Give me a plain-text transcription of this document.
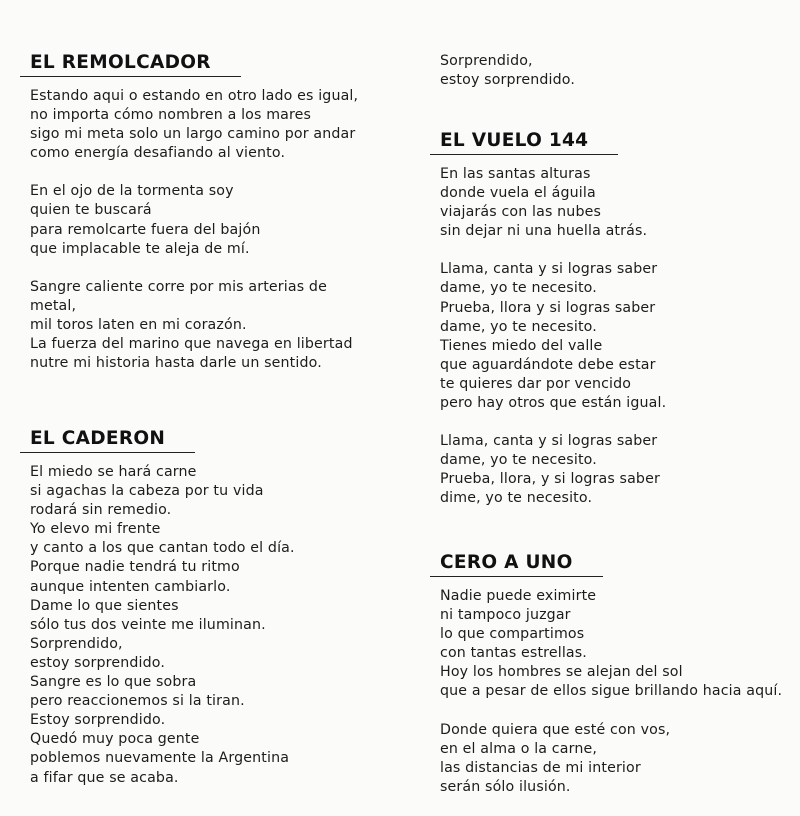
EL REMOLCADOR
Estando aqui o estando en otro lado es igual,
no importa cómo nombren a los mares
sigo mi meta solo un largo camino por andar
como energía desafiando al viento.
En el ojo de la tormenta soy
quien te buscará
para remolcarte fuera del bajón
que implacable te aleja de mí.
Sangre caliente corre por mis arterias de
metal,
mil toros laten en mi corazón.
La fuerza del marino que navega en libertad
nutre mi historia hasta darle un sentido.
EL CADERON
El miedo se hará carne
si agachas la cabeza por tu vida
rodará sin remedio.
Yo elevo mi frente
y canto a los que cantan todo el día.
Porque nadie tendrá tu ritmo
aunque intenten cambiarlo.
Dame lo que sientes
sólo tus dos veinte me iluminan.
Sorprendido,
estoy sorprendido.
Sangre es lo que sobra
pero reaccionemos si la tiran.
Estoy sorprendido.
Quedó muy poca gente
poblemos nuevamente la Argentina
a fifar que se acaba.
Sorprendido,
estoy sorprendido.
EL VUELO 144
En las santas alturas
donde vuela el águila
viajarás con las nubes
sin dejar ni una huella atrás.
Llama, canta y si logras saber
dame, yo te necesito.
Prueba, llora y si logras saber
dame, yo te necesito.
Tienes miedo del valle
que aguardándote debe estar
te quieres dar por vencido
pero hay otros que están igual.
Llama, canta y si logras saber
dame, yo te necesito.
Prueba, llora, y si logras saber
dime, yo te necesito.
CERO A UNO
Nadie puede eximirte
ni tampoco juzgar
lo que compartimos
con tantas estrellas.
Hoy los hombres se alejan del sol
que a pesar de ellos sigue brillando hacia aquí.
Donde quiera que esté con vos,
en el alma o la carne,
las distancias de mi interior
serán sólo ilusión.
